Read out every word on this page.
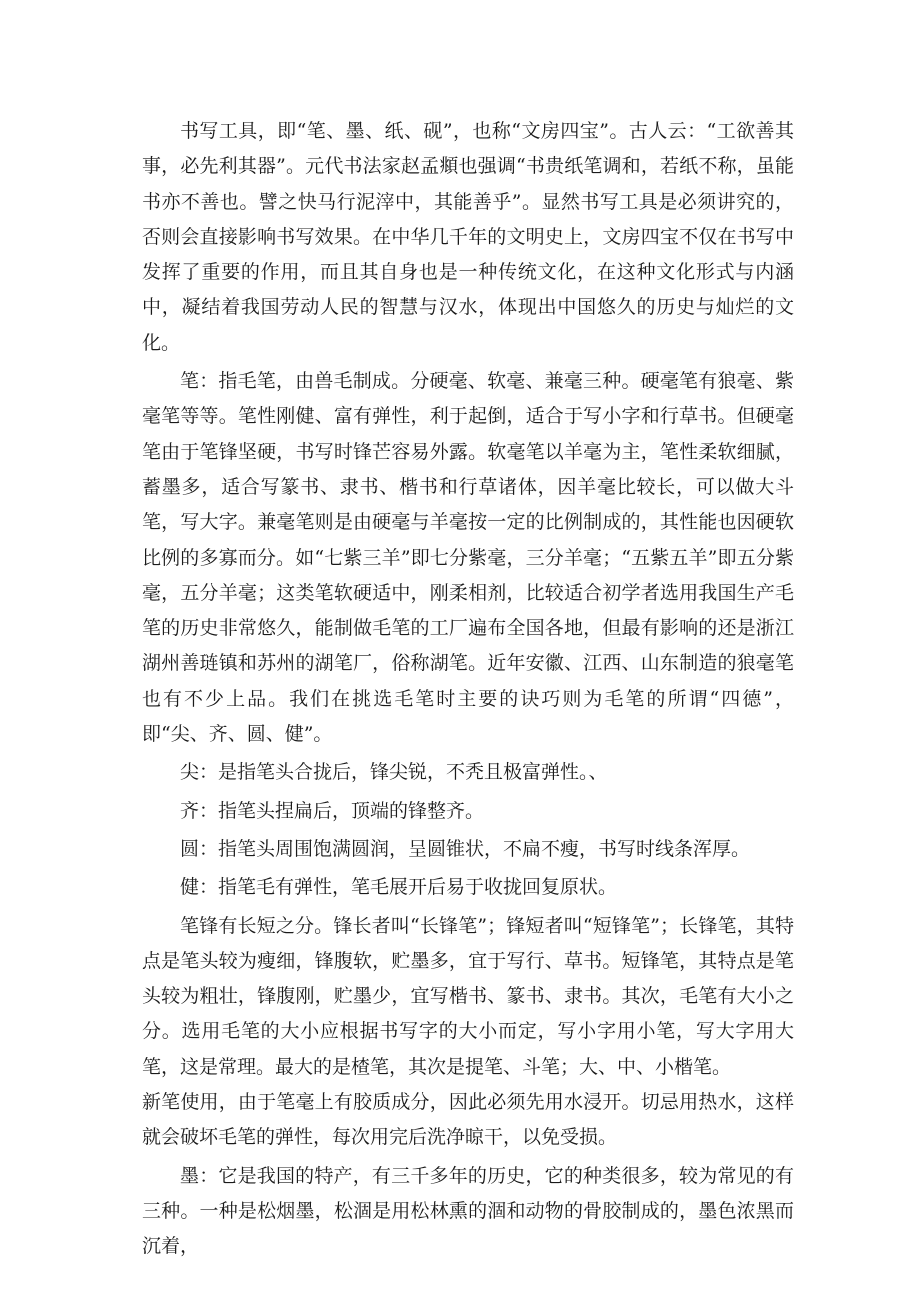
书写工具，即“笔、墨、纸、砚”，也称“文房四宝”。古人云：“工欲善其事，必先利其器”。元代书法家赵孟頫也强调“书贵纸笔调和，若纸不称，虽能书亦不善也。譬之快马行泥滓中，其能善乎”。显然书写工具是必须讲究的，否则会直接影响书写效果。在中华几千年的文明史上，文房四宝不仅在书写中发挥了重要的作用，而且其自身也是一种传统文化，在这种文化形式与内涵中，凝结着我国劳动人民的智慧与汉水，体现出中国悠久的历史与灿烂的文化。

笔：指毛笔，由兽毛制成。分硬毫、软毫、兼毫三种。硬毫笔有狼毫、紫毫笔等等。笔性刚健、富有弹性，利于起倒，适合于写小字和行草书。但硬毫笔由于笔锋坚硬，书写时锋芒容易外露。软毫笔以羊毫为主，笔性柔软细腻，蓄墨多，适合写篆书、隶书、楷书和行草诸体，因羊毫比较长，可以做大斗笔，写大字。兼毫笔则是由硬毫与羊毫按一定的比例制成的，其性能也因硬软比例的多寡而分。如“七紫三羊”即七分紫毫，三分羊毫；“五紫五羊”即五分紫毫，五分羊毫；这类笔软硬适中，刚柔相剂，比较适合初学者选用我国生产毛笔的历史非常悠久，能制做毛笔的工厂遍布全国各地，但最有影响的还是浙江湖州善琏镇和苏州的湖笔厂，俗称湖笔。近年安徽、江西、山东制造的狼毫笔也有不少上品。我们在挑选毛笔时主要的诀巧则为毛笔的所谓“四德”，即“尖、齐、圆、健”。

尖：是指笔头合拢后，锋尖锐，不秃且极富弹性。、

齐：指笔头捏扁后，顶端的锋整齐。

圆：指笔头周围饱满圆润，呈圆锥状，不扁不瘦，书写时线条浑厚。

健：指笔毛有弹性，笔毛展开后易于收拢回复原状。

笔锋有长短之分。锋长者叫“长锋笔”；锋短者叫“短锋笔”；长锋笔，其特点是笔头较为瘦细，锋腹软，贮墨多，宜于写行、草书。短锋笔，其特点是笔头较为粗壮，锋腹刚，贮墨少，宜写楷书、篆书、隶书。其次，毛笔有大小之分。选用毛笔的大小应根据书写字的大小而定，写小字用小笔，写大字用大笔，这是常理。最大的是楂笔，其次是提笔、斗笔；大、中、小楷笔。

新笔使用，由于笔毫上有胶质成分，因此必须先用水浸开。切忌用热水，这样就会破坏毛笔的弹性，每次用完后洗净晾干，以免受损。

墨：它是我国的特产，有三千多年的历史，它的种类很多，较为常见的有三种。一种是松烟墨，松涸是用松林熏的涸和动物的骨胶制成的，墨色浓黑而沉着，
